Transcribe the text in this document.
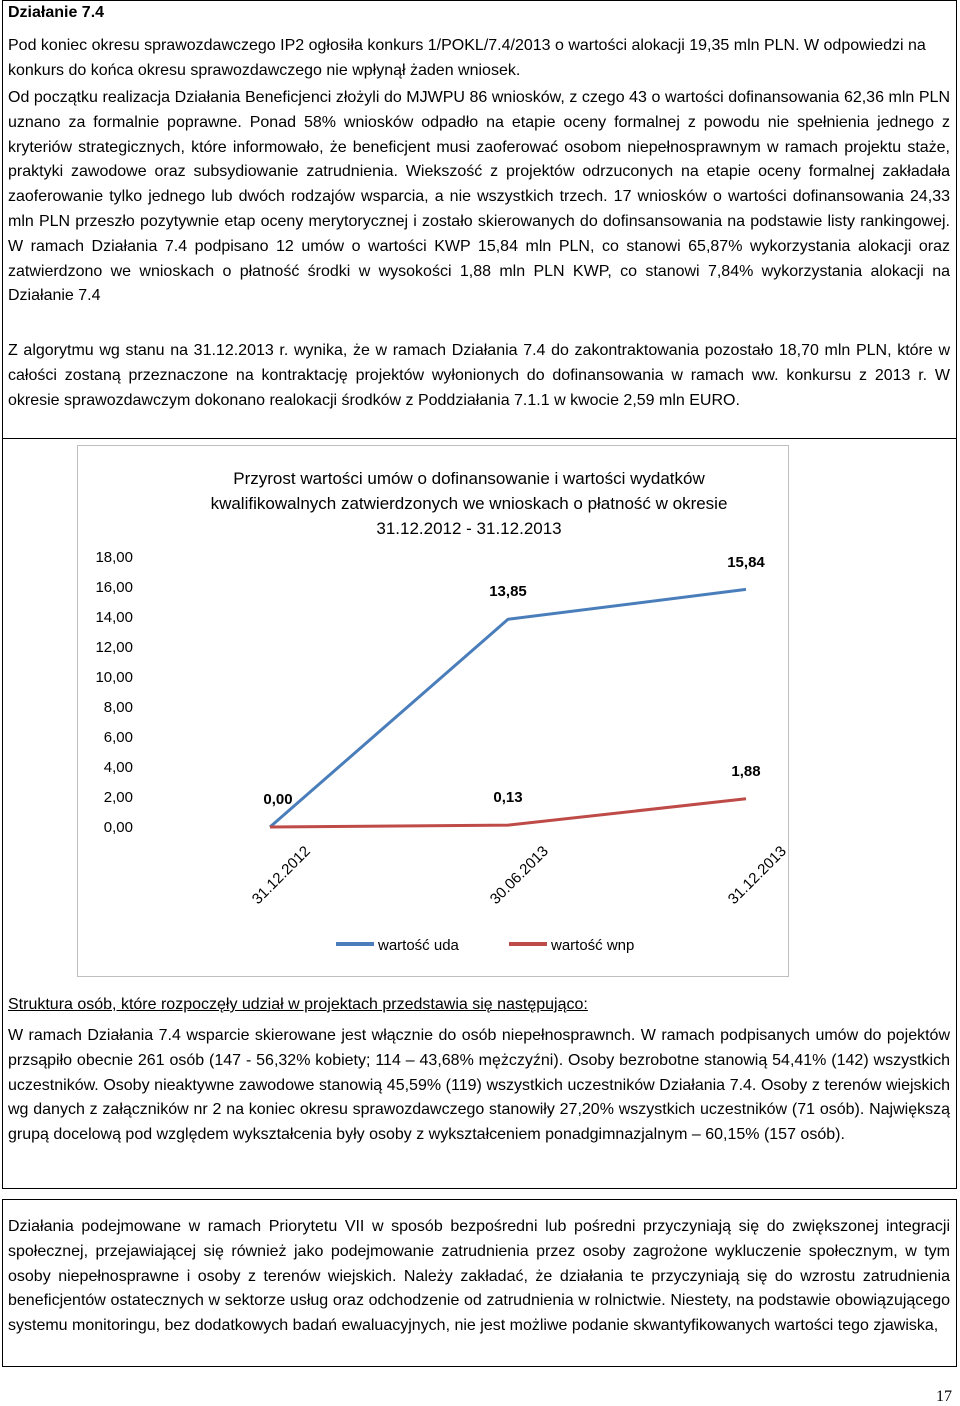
Działanie 7.4

Pod koniec okresu sprawozdawczego IP2 ogłosiła konkurs 1/POKL/7.4/2013 o wartości alokacji 19,35 mln PLN. W odpowiedzi na konkurs do końca okresu sprawozdawczego nie wpłynął żaden wniosek.

Od początku realizacja Działania Beneficjenci złożyli do MJWPU 86 wniosków, z czego 43 o wartości dofinansowania 62,36 mln PLN uznano za formalnie poprawne. Ponad 58% wniosków odpadło na etapie oceny formalnej z powodu nie spełnienia jednego z kryteriów strategicznych, które informowało, że beneficjent musi zaoferować osobom niepełnosprawnym w ramach projektu staże, praktyki zawodowe oraz subsydiowanie zatrudnienia. Wiekszość z projektów odrzuconych na etapie oceny formalnej zakładała zaoferowanie tylko jednego lub dwóch rodzajów wsparcia, a nie wszystkich trzech. 17 wniosków o wartości dofinansowania 24,33 mln PLN przeszło pozytywnie etap oceny merytorycznej i zostało skierowanych do dofinsansowania na podstawie listy rankingowej. W ramach Działania 7.4 podpisano 12 umów o wartości KWP 15,84 mln PLN, co stanowi 65,87% wykorzystania alokacji oraz zatwierdzono we wnioskach o płatność środki w wysokości 1,88 mln PLN KWP, co stanowi 7,84% wykorzystania alokacji na Działanie 7.4

Z algorytmu wg stanu na 31.12.2013 r. wynika, że w ramach Działania 7.4 do zakontraktowania pozostało 18,70 mln PLN, które w całości zostaną przeznaczone na kontraktację projektów wyłonionych do dofinansowania w ramach ww. konkursu z 2013 r. W okresie sprawozdawczym dokonano realokacji środków z Poddziałania 7.1.1 w kwocie 2,59 mln EURO.

Przyrost wartości umów o dofinansowanie i wartości wydatków
kwalifikowalnych zatwierdzonych we wnioskach o płatność w okresie
31.12.2012 - 31.12.2013
0,00
2,00
4,00
6,00
8,00
10,00
12,00
14,00
16,00
18,00
31.12.2012	30.06.2013	31.12.2013
0,00
13,85
15,84
0,13
1,88
wartość uda	wartość wnp

Struktura osób, które rozpoczęły udział w projektach przedstawia się następująco:

W ramach Działania 7.4 wsparcie skierowane jest włącznie do osób niepełnosprawnch. W ramach podpisanych umów do pojektów przsąpiło obecnie 261 osób (147 - 56,32% kobiety; 114 – 43,68% mężczyźni). Osoby bezrobotne stanowią 54,41% (142) wszystkich uczestników. Osoby nieaktywne zawodowe stanowią 45,59% (119) wszystkich uczestników Działania 7.4. Osoby z terenów wiejskich wg danych z załączników nr 2 na koniec okresu sprawozdawczego stanowiły 27,20% wszystkich uczestników (71 osób). Największą grupą docelową pod względem wykształcenia były osoby z wykształceniem ponadgimnazjalnym – 60,15% (157 osób).

Działania podejmowane w ramach Priorytetu VII w sposób bezpośredni lub pośredni przyczyniają się do zwiększonej integracji społecznej, przejawiającej się również jako podejmowanie zatrudnienia przez osoby zagrożone wykluczenie społecznym, w tym osoby niepełnosprawne i osoby z terenów wiejskich. Należy zakładać, że działania te przyczyniają się do wzrostu zatrudnienia beneficjentów ostatecznych w sektorze usług oraz odchodzenie od zatrudnienia w rolnictwie. Niestety, na podstawie obowiązującego systemu monitoringu, bez dodatkowych badań ewaluacyjnych, nie jest możliwe podanie skwantyfikowanych wartości tego zjawiska,

17
